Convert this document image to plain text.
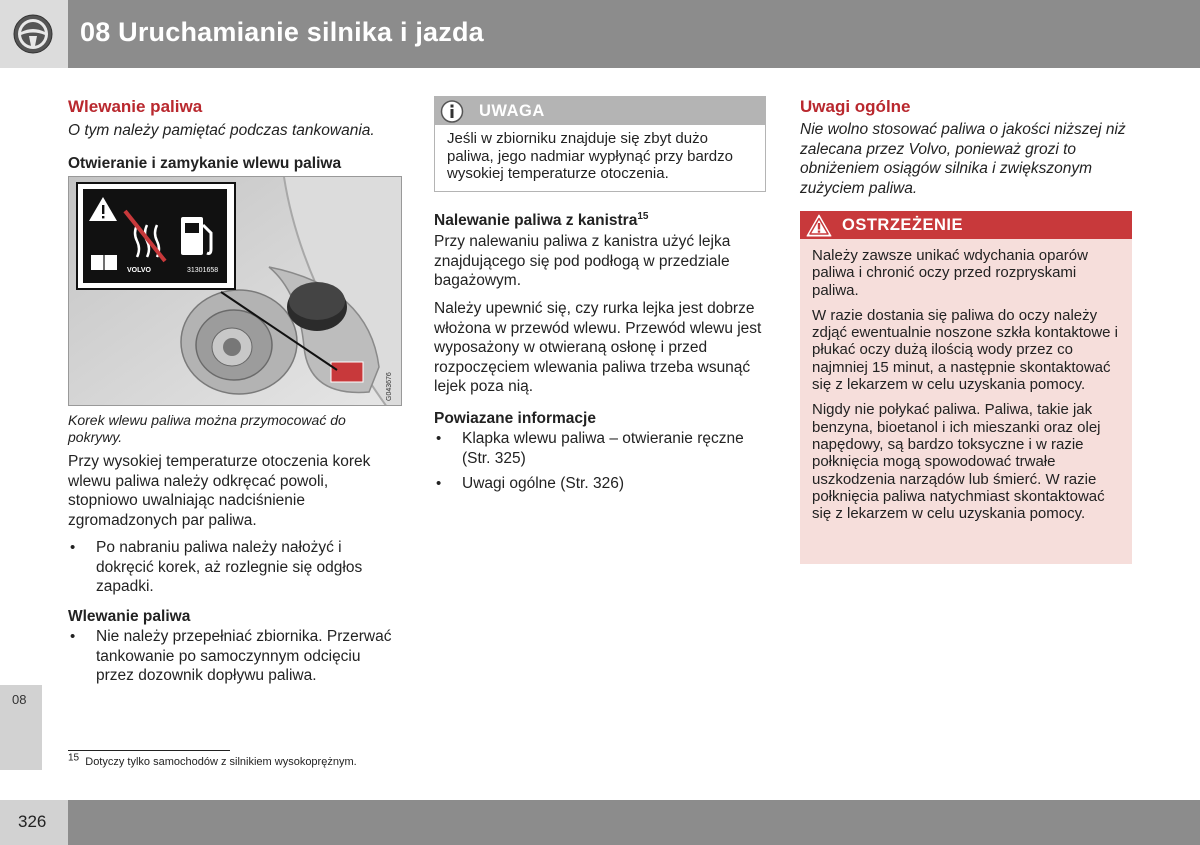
08 Uruchamianie silnika i jazda
08
326
Wlewanie paliwa
O tym należy pamiętać podczas tankowania.
Otwieranie i zamykanie wlewu paliwa
VOLVO	31301658
G043676
Korek wlewu paliwa można przymocować do pokrywy.
Przy wysokiej temperaturze otoczenia korek wlewu paliwa należy odkręcać powoli, stopniowo uwalniając nadciśnienie zgromadzonych par paliwa.
• Po nabraniu paliwa należy nałożyć i dokręcić korek, aż rozlegnie się odgłos zapadki.
Wlewanie paliwa
• Nie należy przepełniać zbiornika. Przerwać tankowanie po samoczynnym odcięciu przez dozownik dopływu paliwa.
UWAGA
Jeśli w zbiorniku znajduje się zbyt dużo paliwa, jego nadmiar wypłynąć przy bardzo wysokiej temperaturze otoczenia.
Nalewanie paliwa z kanistra$^{15}$
Przy nalewaniu paliwa z kanistra użyć lejka znajdującego się pod podłogą w przedziale bagażowym.
Należy upewnić się, czy rurka lejka jest dobrze włożona w przewód wlewu. Przewód wlewu jest wyposażony w otwieraną osłonę i przed rozpoczęciem wlewania paliwa trzeba wsunąć lejek poza nią.
Powiazane informacje
• Klapka wlewu paliwa – otwieranie ręczne (Str. 325)
• Uwagi ogólne (Str. 326)
Uwagi ogólne
Nie wolno stosować paliwa o jakości niższej niż zalecana przez Volvo, ponieważ grozi to obniżeniem osiągów silnika i zwiększonym zużyciem paliwa.
OSTRZEŻENIE

Należy zawsze unikać wdychania oparów paliwa i chronić oczy przed rozpryskami paliwa.

W razie dostania się paliwa do oczy należy zdjąć ewentualnie noszone szkła kontaktowe i płukać oczy dużą ilością wody przez co najmniej 15 minut, a następnie skontaktować się z lekarzem w celu uzyskania pomocy.

Nigdy nie połykać paliwa. Paliwa, takie jak benzyna, bioetanol i ich mieszanki oraz olej napędowy, są bardzo toksyczne i w razie połknięcia mogą spowodować trwałe uszkodzenia narządów lub śmierć. W razie połknięcia paliwa natychmiast skontaktować się z lekarzem w celu uzyskania pomocy.

$^{15}$ Dotyczy tylko samochodów z silnikiem wysokoprężnym.
